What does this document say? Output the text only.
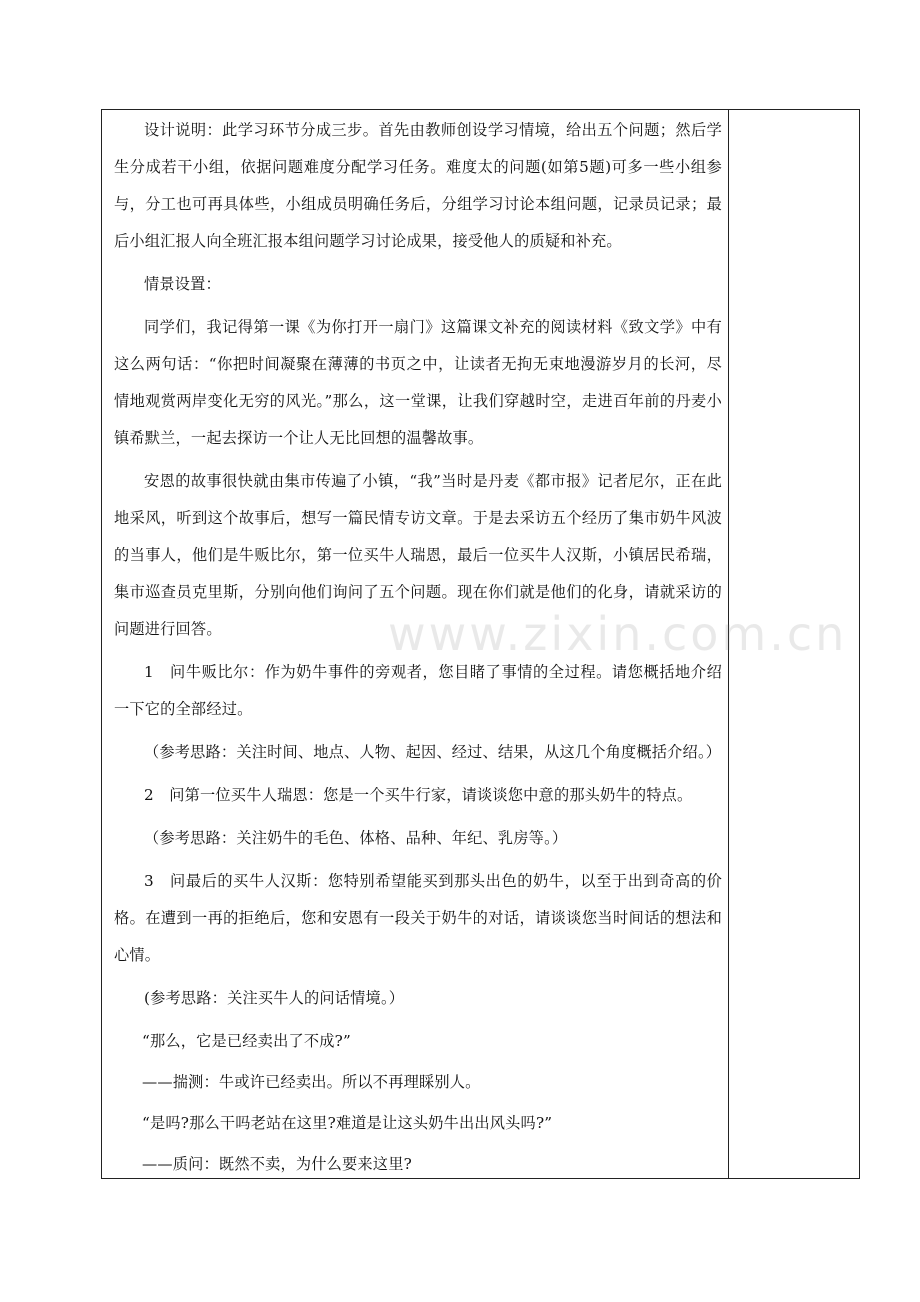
设计说明：此学习环节分成三步。首先由教师创设学习情境，给出五个问题；然后学生分成若干小组，依据问题难度分配学习任务。难度太的问题(如第5题)可多一些小组参与，分工也可再具体些，小组成员明确任务后，分组学习讨论本组问题，记录员记录；最后小组汇报人向全班汇报本组问题学习讨论成果，接受他人的质疑和补充。

情景设置：

同学们，我记得第一课《为你打开一扇门》这篇课文补充的阅读材料《致文学》中有这么两句话：“你把时间凝聚在薄薄的书页之中，让读者无拘无束地漫游岁月的长河，尽情地观赏两岸变化无穷的风光。”那么，这一堂课，让我们穿越时空，走进百年前的丹麦小镇希默兰，一起去探访一个让人无比回想的温馨故事。

安恩的故事很快就由集市传遍了小镇，“我”当时是丹麦《都市报》记者尼尔，正在此地采风，听到这个故事后，想写一篇民情专访文章。于是去采访五个经历了集市奶牛风波的当事人，他们是牛贩比尔，第一位买牛人瑞恩，最后一位买牛人汉斯，小镇居民希瑞，集市巡查员克里斯，分别向他们询问了五个问题。现在你们就是他们的化身，请就采访的问题进行回答。

1　问牛贩比尔：作为奶牛事件的旁观者，您目睹了事情的全过程。请您概括地介绍一下它的全部经过。

（参考思路：关注时间、地点、人物、起因、经过、结果，从这几个角度概括介绍。）

2　问第一位买牛人瑞恩：您是一个买牛行家，请谈谈您中意的那头奶牛的特点。

（参考思路：关注奶牛的毛色、体格、品种、年纪、乳房等。）

3　问最后的买牛人汉斯：您特别希望能买到那头出色的奶牛，以至于出到奇高的价格。在遭到一再的拒绝后，您和安恩有一段关于奶牛的对话，请谈谈您当时间话的想法和心情。

(参考思路：关注买牛人的问话情境。）

“那么，它是已经卖出了不成?”

——揣测：牛或许已经卖出。所以不再理睬别人。

“是吗?那么干吗老站在这里?难道是让这头奶牛出出风头吗?”

——质问：既然不卖，为什么要来这里?

www.zixin.com.cn
